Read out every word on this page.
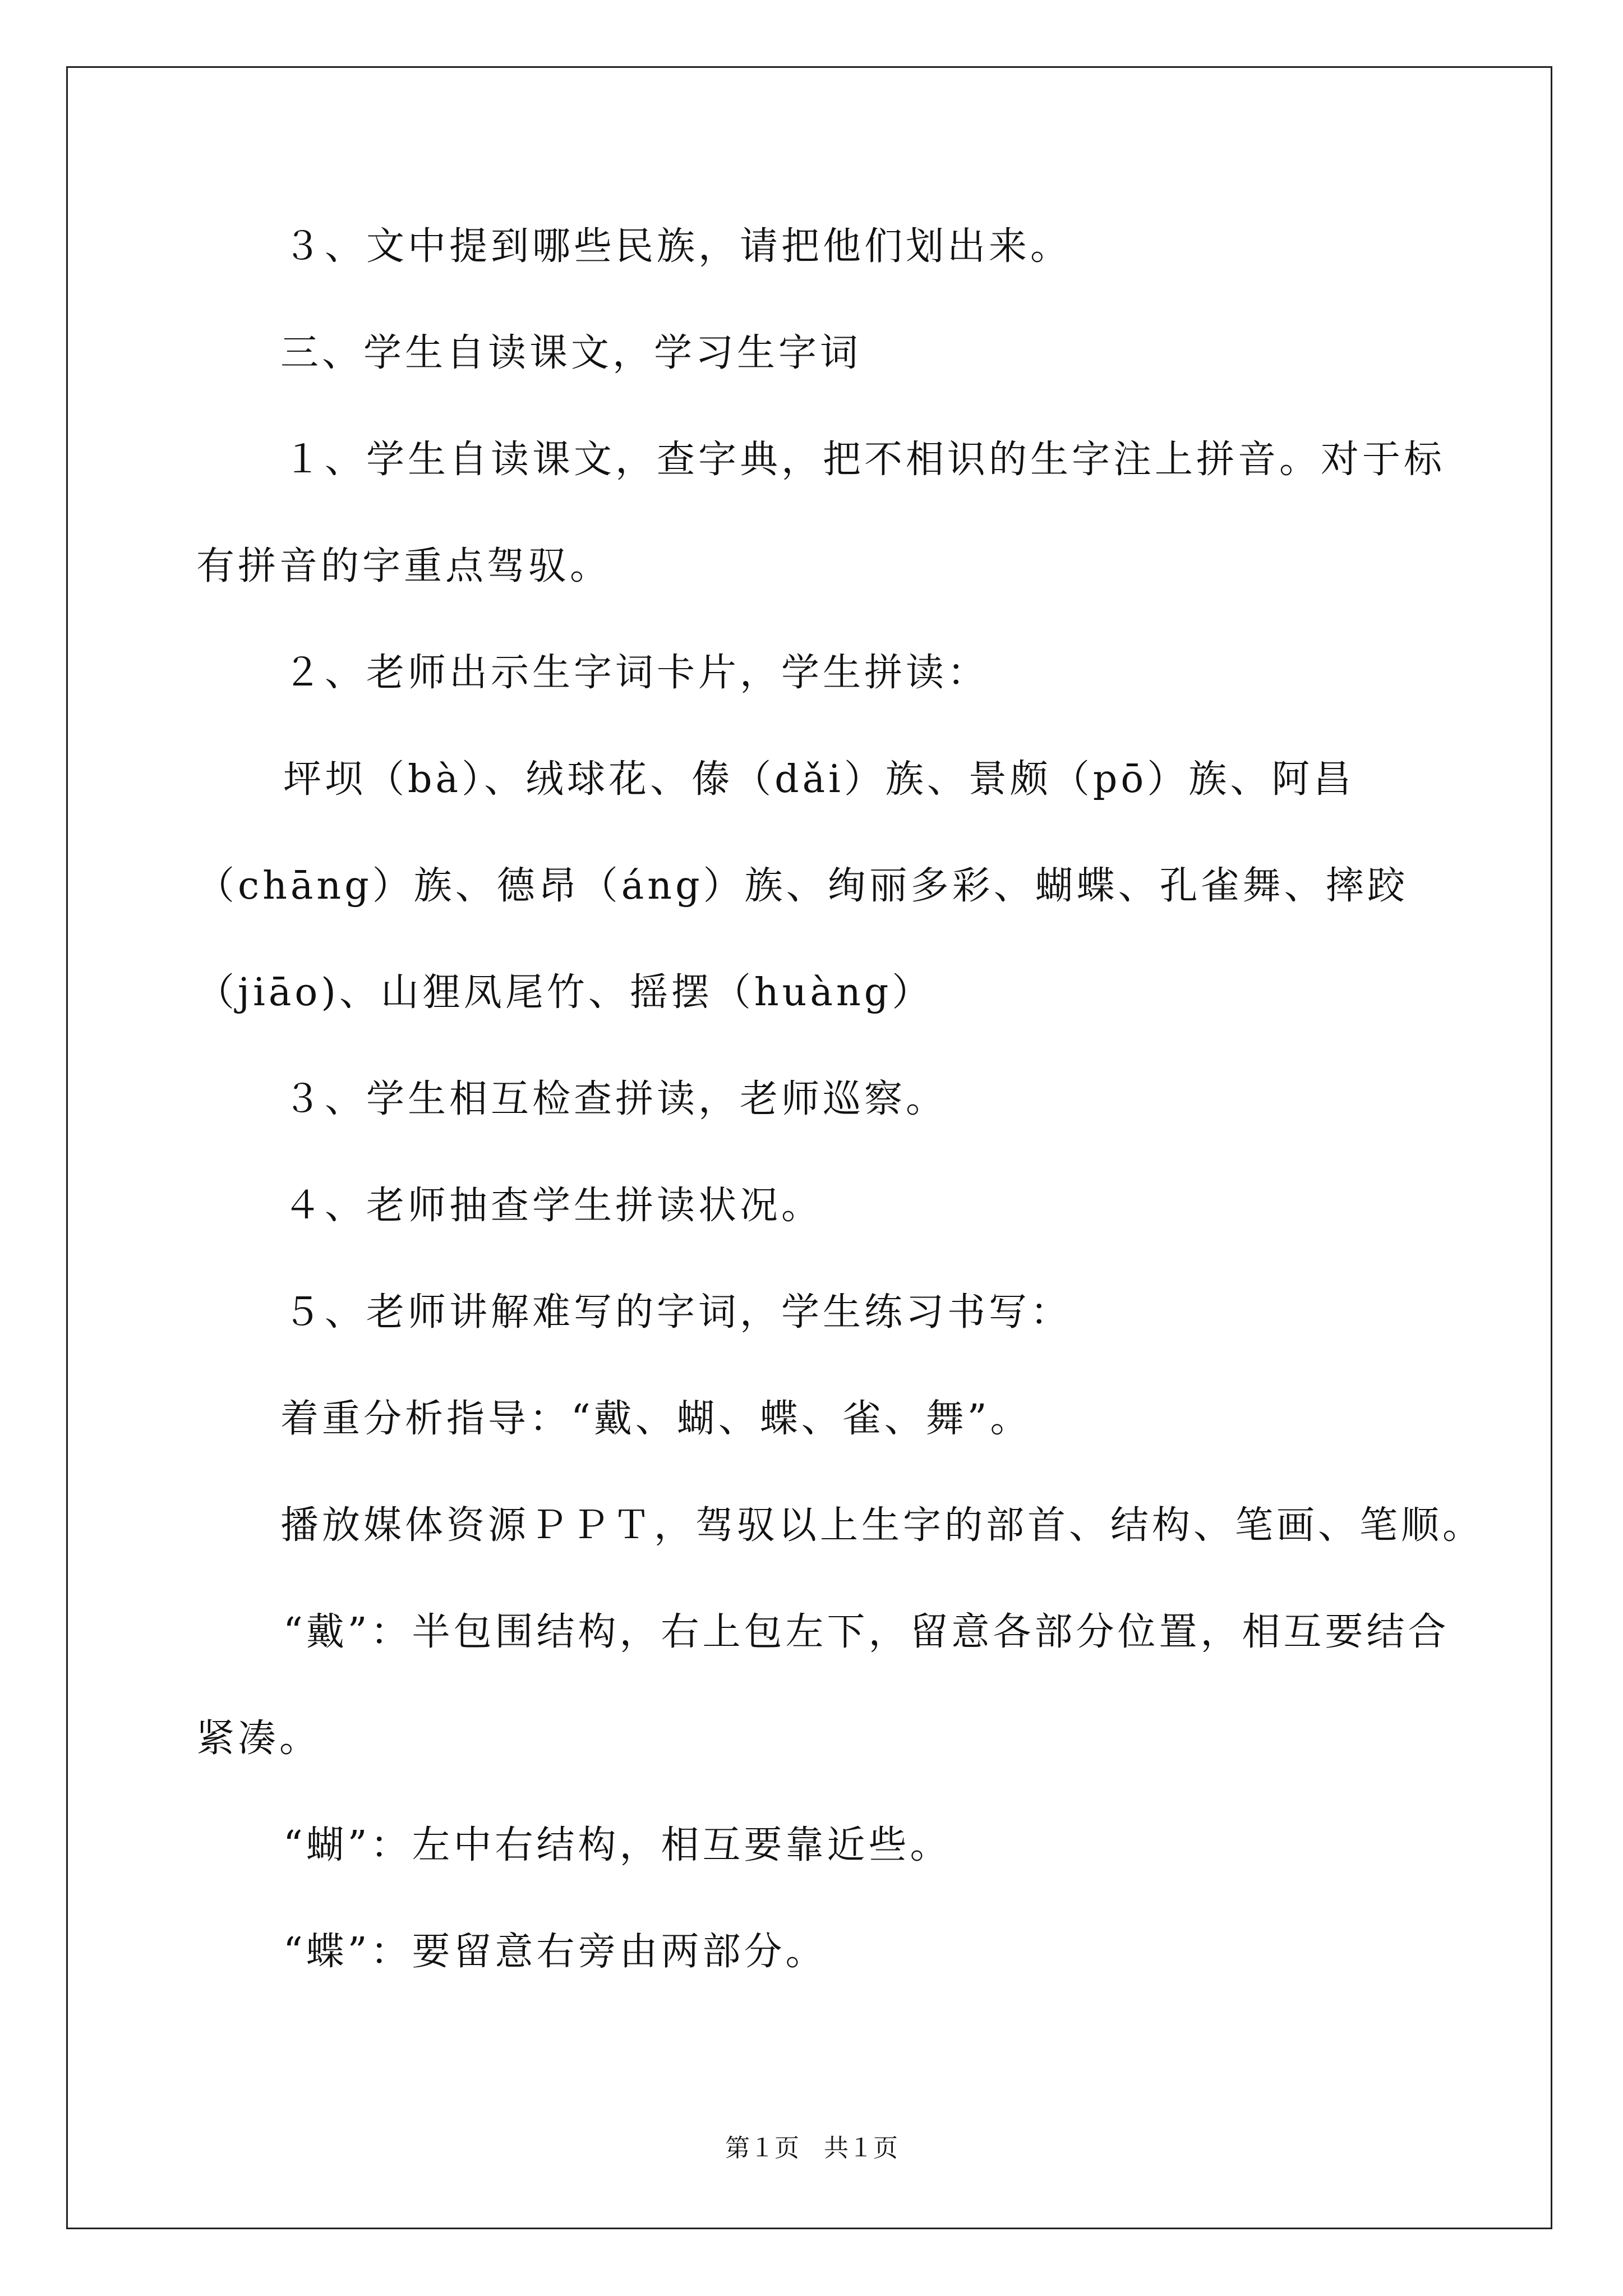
３、文中提到哪些民族，请把他们划出来。
三、学生自读课文，学习生字词
１、学生自读课文，查字典，把不相识的生字注上拼音。对于标
有拼音的字重点驾驭。
２、老师出示生字词卡片，学生拼读：
坪坝（bà）、绒球花、傣（dǎi）族、景颇（pō）族、阿昌
（chāng）族、德昂（áng）族、绚丽多彩、蝴蝶、孔雀舞、摔跤
（jiāo)、山狸凤尾竹、摇摆（huàng）
３、学生相互检查拼读，老师巡察。
４、老师抽查学生拼读状况。
５、老师讲解难写的字词，学生练习书写：
着重分析指导：“戴、蝴、蝶、雀、舞”。
播放媒体资源ＰＰＴ，驾驭以上生字的部首、结构、笔画、笔顺。
“戴”：半包围结构，右上包左下，留意各部分位置，相互要结合
紧凑。
“蝴”：左中右结构，相互要靠近些。
“蝶”：要留意右旁由两部分。
第１页　共１页
